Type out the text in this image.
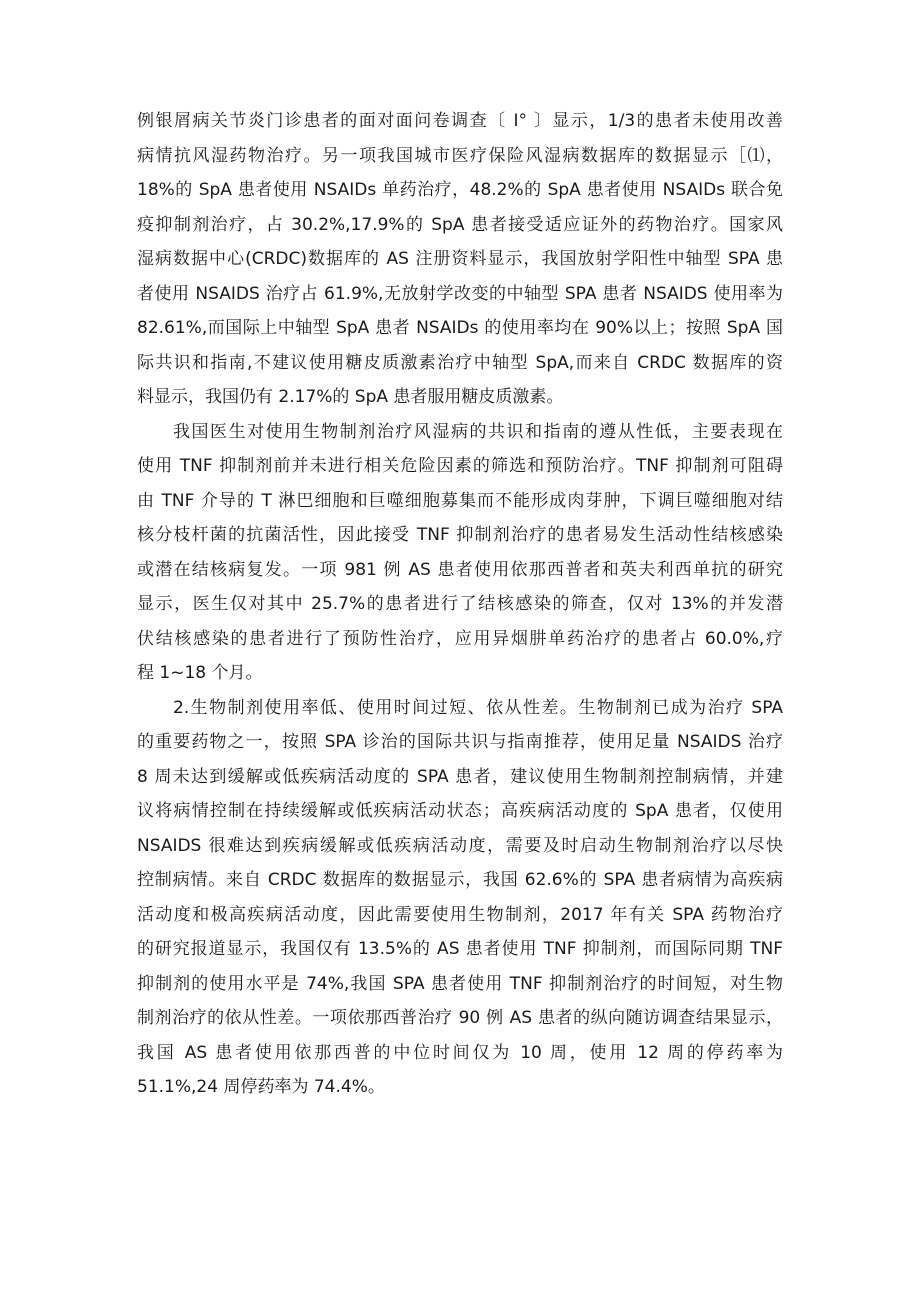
例银屑病关节炎门诊患者的面对面问卷调查〔 I° 〕显示，1/3的患者未使用改善
病情抗风湿药物治疗。另一项我国城市医疗保险风湿病数据库的数据显示［⑴，
18%的 SpA 患者使用 NSAIDs 单药治疗，48.2%的 SpA 患者使用 NSAIDs 联合免
疫抑制剂治疗，占 30.2%,17.9%的 SpA 患者接受适应证外的药物治疗。国家风
湿病数据中心(CRDC)数据库的 AS 注册资料显示，我国放射学阳性中轴型 SPA 患
者使用 NSAIDS 治疗占 61.9%,无放射学改变的中轴型 SPA 患者 NSAIDS 使用率为
82.61%,而国际上中轴型 SpA 患者 NSAIDs 的使用率均在 90%以上；按照 SpA 国
际共识和指南,不建议使用糖皮质激素治疗中轴型 SpA,而来自 CRDC 数据库的资
料显示，我国仍有 2.17%的 SpA 患者服用糖皮质激素。
我国医生对使用生物制剂治疗风湿病的共识和指南的遵从性低，主要表现在
使用 TNF 抑制剂前并未进行相关危险因素的筛选和预防治疗。TNF 抑制剂可阻碍
由 TNF 介导的 T 淋巴细胞和巨噬细胞募集而不能形成肉芽肿，下调巨噬细胞对结
核分枝杆菌的抗菌活性，因此接受 TNF 抑制剂治疗的患者易发生活动性结核感染
或潜在结核病复发。一项 981 例 AS 患者使用依那西普者和英夫利西单抗的研究
显示，医生仅对其中 25.7%的患者进行了结核感染的筛查，仅对 13%的并发潜
伏结核感染的患者进行了预防性治疗，应用异烟肼单药治疗的患者占 60.0%,疗
程 1~18 个月。
2.生物制剂使用率低、使用时间过短、依从性差。生物制剂已成为治疗 SPA
的重要药物之一，按照 SPA 诊治的国际共识与指南推荐，使用足量 NSAIDS 治疗
8 周未达到缓解或低疾病活动度的 SPA 患者，建议使用生物制剂控制病情，并建
议将病情控制在持续缓解或低疾病活动状态；高疾病活动度的 SpA 患者，仅使用
NSAIDS 很难达到疾病缓解或低疾病活动度，需要及时启动生物制剂治疗以尽快
控制病情。来自 CRDC 数据库的数据显示，我国 62.6%的 SPA 患者病情为高疾病
活动度和极高疾病活动度，因此需要使用生物制剂，2017 年有关 SPA 药物治疗
的研究报道显示，我国仅有 13.5%的 AS 患者使用 TNF 抑制剂，而国际同期 TNF
抑制剂的使用水平是 74%,我国 SPA 患者使用 TNF 抑制剂治疗的时间短，对生物
制剂治疗的依从性差。一项依那西普治疗 90 例 AS 患者的纵向随访调查结果显示，
我国 AS 患者使用依那西普的中位时间仅为 10 周，使用 12 周的停药率为
51.1%,24 周停药率为 74.4%。
